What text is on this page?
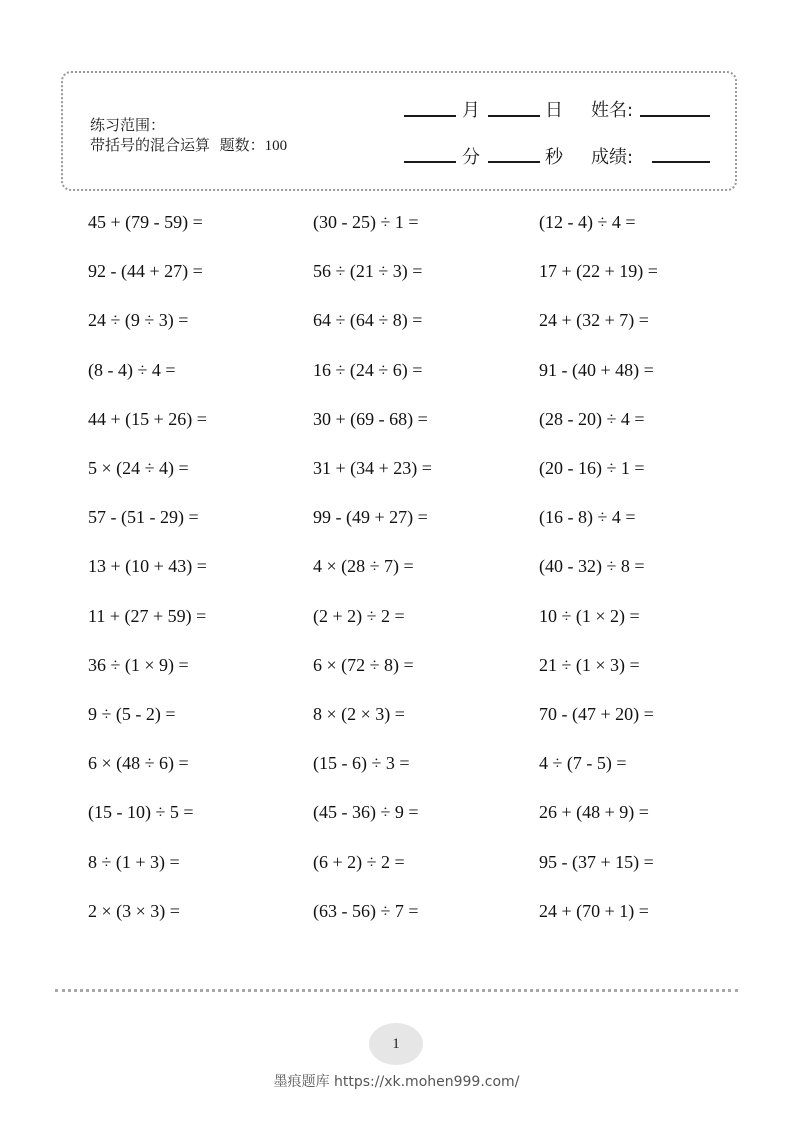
练习范围：
带括号的混合运算 题数：100
月	日 姓名:
分	秒 成绩:
45 + (79 - 59) =
92 - (44 + 27) =
24 ÷ (9 ÷ 3) =
(8 - 4) ÷ 4 =
44 + (15 + 26) =
5 × (24 ÷ 4) =
57 - (51 - 29) =
13 + (10 + 43) =
11 + (27 + 59) =
36 ÷ (1 × 9) =
9 ÷ (5 - 2) =
6 × (48 ÷ 6) =
(15 - 10) ÷ 5 =
8 ÷ (1 + 3) =
2 × (3 × 3) =
(30 - 25) ÷ 1 =
56 ÷ (21 ÷ 3) =
64 ÷ (64 ÷ 8) =
16 ÷ (24 ÷ 6) =
30 + (69 - 68) =
31 + (34 + 23) =
99 - (49 + 27) =
4 × (28 ÷ 7) =
(2 + 2) ÷ 2 =
6 × (72 ÷ 8) =
8 × (2 × 3) =
(15 - 6) ÷ 3 =
(45 - 36) ÷ 9 =
(6 + 2) ÷ 2 =
(63 - 56) ÷ 7 =
(12 - 4) ÷ 4 =
17 + (22 + 19) =
24 + (32 + 7) =
91 - (40 + 48) =
(28 - 20) ÷ 4 =
(20 - 16) ÷ 1 =
(16 - 8) ÷ 4 =
(40 - 32) ÷ 8 =
10 ÷ (1 × 2) =
21 ÷ (1 × 3) =
70 - (47 + 20) =
4 ÷ (7 - 5) =
26 + (48 + 9) =
95 - (37 + 15) =
24 + (70 + 1) =
1
墨痕题库 https://xk.mohen999.com/
